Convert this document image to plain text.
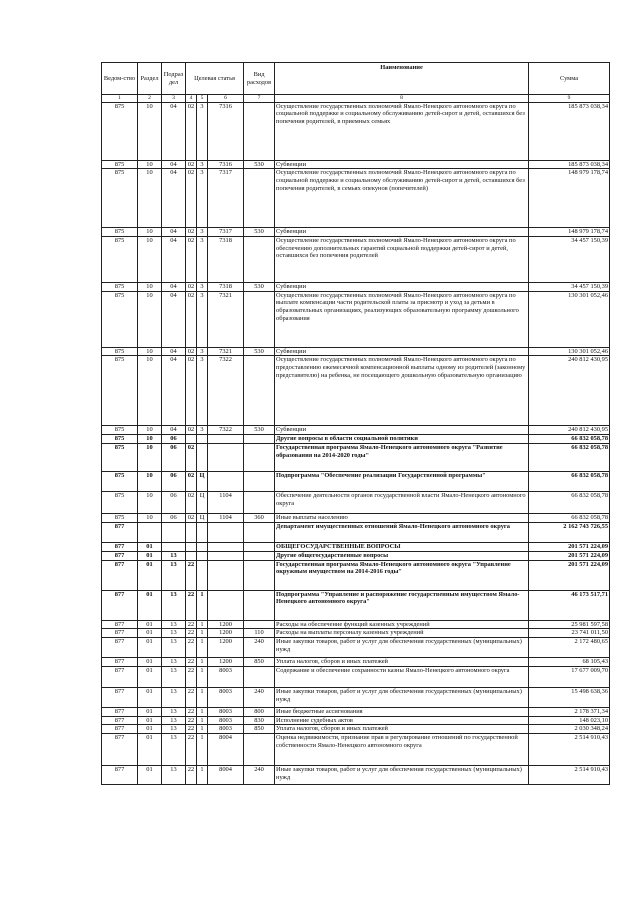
Ведом-ство	Раздел	Подраз дел	Целевая статья			Вид расходов	Наименование	Сумма
1	2	3	4	5	6	7	8	9
875	10	04	02	3	7316		Осуществление государственных полномочий Ямало-Ненецкого автономного округа по социальной поддержке и социальному обслуживанию детей-сирот и детей, оставшихся без попечения родителей, в приемных семьях	185 873 038,34
875	10	04	02	3	7316	530	Субвенции	185 873 038,34
875	10	04	02	3	7317		Осуществление государственных полномочий Ямало-Ненецкого автономного округа по социальной поддержке и социальному обслуживанию детей-сирот и детей, оставшихся без попечения родителей, в семьях опекунов (попечителей)	148 979 178,74
875	10	04	02	3	7317	530	Субвенции	148 979 178,74
875	10	04	02	3	7318		Осуществление государственных полномочий Ямало-Ненецкого автономного округа по обеспечению дополнительных гарантий социальной поддержки детей-сирот и детей, оставшихся без попечения родителей	34 457 150,39
875	10	04	02	3	7318	530	Субвенции	34 457 150,39
875	10	04	02	3	7321		Осуществление государственных полномочий Ямало-Ненецкого автономного округа по выплате компенсации части родительской платы за присмотр и уход за детьми в образовательных организациях, реализующих образовательную программу дошкольного образования	130 301 052,46
875	10	04	02	3	7321	530	Субвенции	130 301 052,46
875	10	04	02	3	7322		Осуществление государственных полномочий Ямало-Ненецкого автономного округа по предоставлению ежемесячной компенсационной выплаты одному из родителей (законному представителю) на ребенка, не посещающего дошкольную образовательную организацию	240 812 430,95
875	10	04	02	3	7322	530	Субвенции	240 812 430,95
875	10	06					Другие вопросы в области социальной политики	66 832 058,78
875	10	06	02				Государственная программа Ямало-Ненецкого автономного округа "Развитие образования на 2014-2020 годы"	66 832 058,78
875	10	06	02	Ц			Подпрограмма "Обеспечение реализации Государственной программы"	66 832 058,78
875	10	06	02	Ц	1104		Обеспечение деятельности органов государственной власти Ямало-Ненецкого автономного округа	66 832 058,78
875	10	06	02	Ц	1104	360	Иные выплаты населению	66 832 058,78
877							Департамент имущественных отношений Ямало-Ненецкого автономного округа	2 162 743 726,55
877	01						ОБЩЕГОСУДАРСТВЕННЫЕ ВОПРОСЫ	201 571 224,09
877	01	13					Другие общегосударственные вопросы	201 571 224,09
877	01	13	22				Государственная программа Ямало-Ненецкого автономного округа "Управление окружным имуществом на 2014-2016 годы"	201 571 224,09
877	01	13	22	1			Подпрограмма "Управление и распоряжение государственным имуществом Ямало-Ненецкого автономного округа"	46 173 517,71
877	01	13	22	1	1200		Расходы на обеспечение функций казенных учреждений	25 981 597,58
877	01	13	22	1	1200	110	Расходы на выплаты персоналу казенных учреждений	23 741 011,50
877	01	13	22	1	1200	240	Иные закупки товаров, работ и услуг для обеспечения государственных (муниципальных) нужд	2 172 480,65
877	01	13	22	1	1200	850	Уплата налогов, сборов и иных платежей	68 105,43
877	01	13	22	1	8003		Содержание и обеспечение сохранности казны Ямало-Ненецкого автономного округа	17 677 009,70
877	01	13	22	1	8003	240	Иные закупки товаров, работ и услуг для обеспечения государственных (муниципальных) нужд	15 498 638,36
877	01	13	22	1	8003	800	Иные бюджетные ассигнования	2 178 371,34
877	01	13	22	1	8003	830	Исполнение судебных актов	148 023,10
877	01	13	22	1	8003	850	Уплата налогов, сборов и иных платежей	2 030 348,24
877	01	13	22	1	8004		Оценка недвижимости, признание прав и регулирование отношений по государственной собственности Ямало-Ненецкого автономного округа	2 514 910,43
877	01	13	22	1	8004	240	Иные закупки товаров, работ и услуг для обеспечения государственных (муниципальных) нужд	2 514 910,43
